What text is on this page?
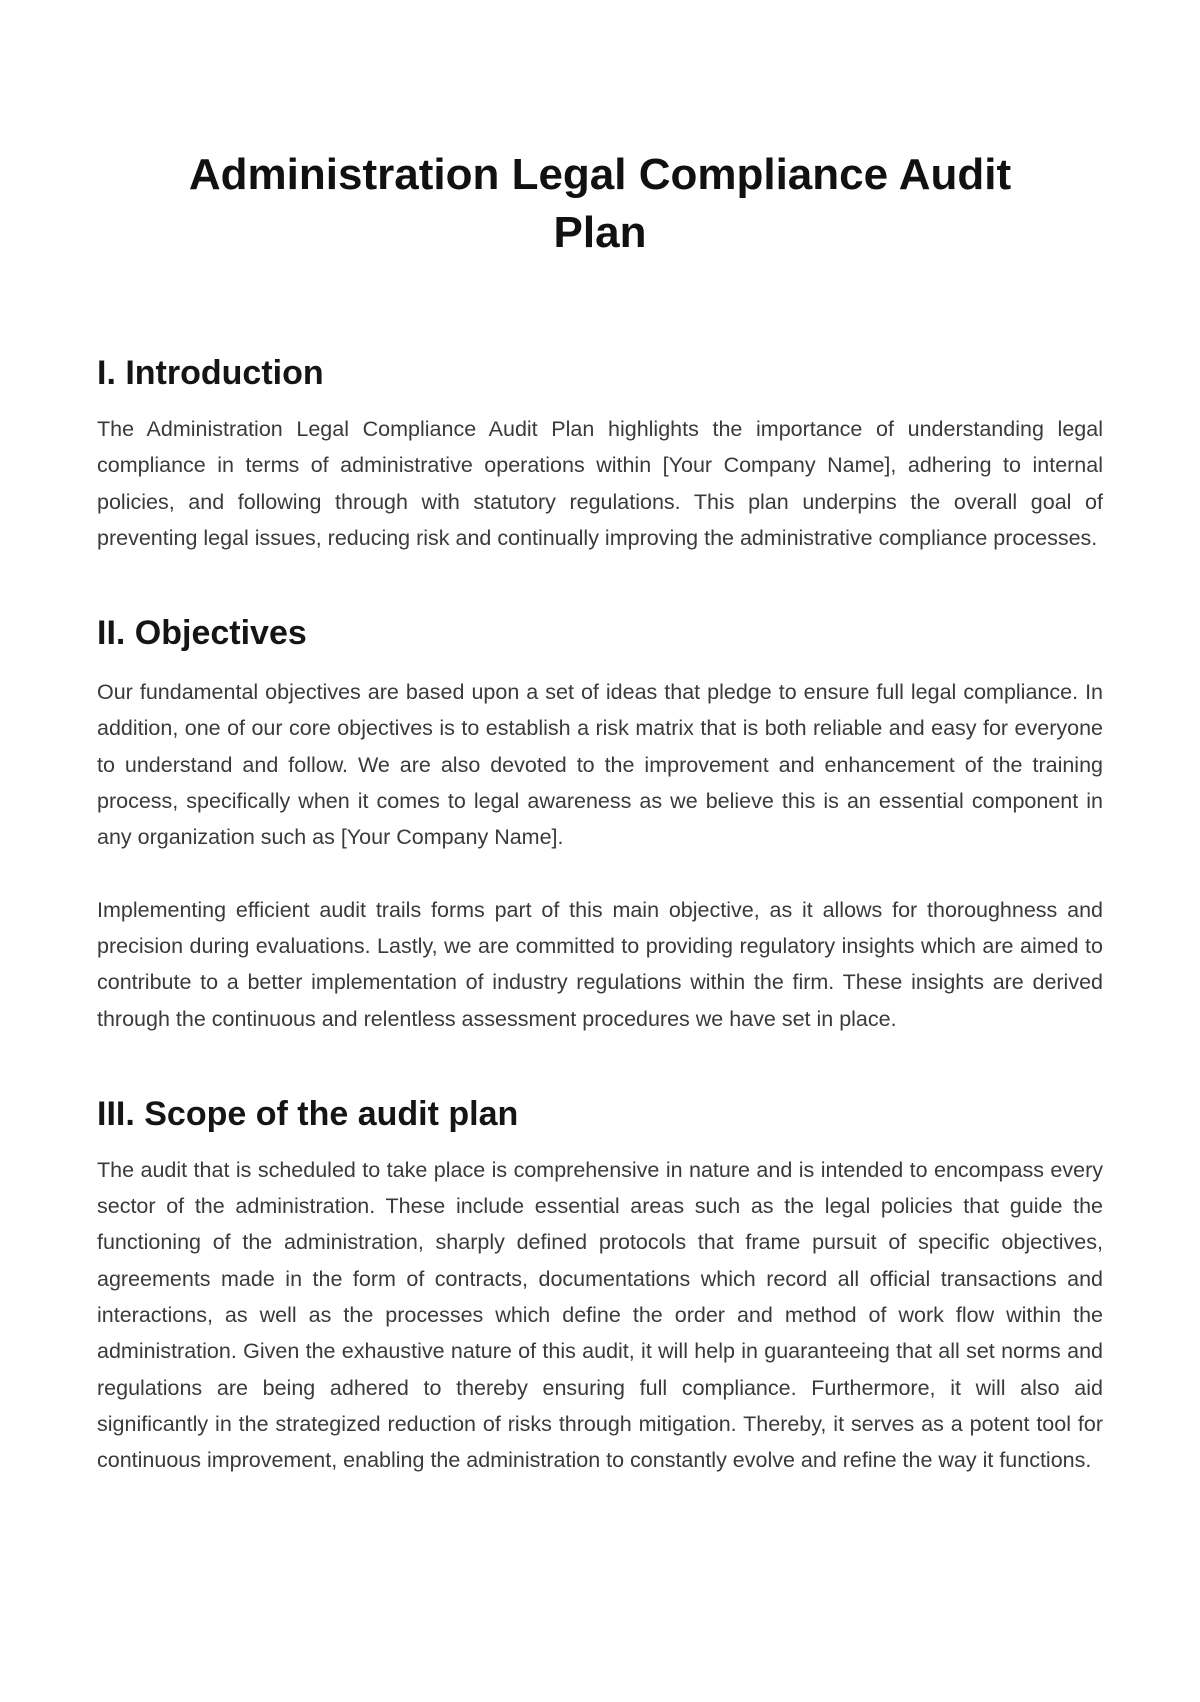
Administration Legal Compliance Audit Plan
I. Introduction

The Administration Legal Compliance Audit Plan highlights the importance of understanding legal compliance in terms of administrative operations within [Your Company Name], adhering to internal policies, and following through with statutory regulations. This plan underpins the overall goal of preventing legal issues, reducing risk and continually improving the administrative compliance processes.

II. Objectives

Our fundamental objectives are based upon a set of ideas that pledge to ensure full legal compliance. In addition, one of our core objectives is to establish a risk matrix that is both reliable and easy for everyone to understand and follow. We are also devoted to the improvement and enhancement of the training process, specifically when it comes to legal awareness as we believe this is an essential component in any organization such as [Your Company Name].

Implementing efficient audit trails forms part of this main objective, as it allows for thoroughness and precision during evaluations. Lastly, we are committed to providing regulatory insights which are aimed to contribute to a better implementation of industry regulations within the firm. These insights are derived through the continuous and relentless assessment procedures we have set in place.

III. Scope of the audit plan

The audit that is scheduled to take place is comprehensive in nature and is intended to encompass every sector of the administration. These include essential areas such as the legal policies that guide the functioning of the administration, sharply defined protocols that frame pursuit of specific objectives, agreements made in the form of contracts, documentations which record all official transactions and interactions, as well as the processes which define the order and method of work flow within the administration. Given the exhaustive nature of this audit, it will help in guaranteeing that all set norms and regulations are being adhered to thereby ensuring full compliance. Furthermore, it will also aid significantly in the strategized reduction of risks through mitigation. Thereby, it serves as a potent tool for continuous improvement, enabling the administration to constantly evolve and refine the way it functions.
